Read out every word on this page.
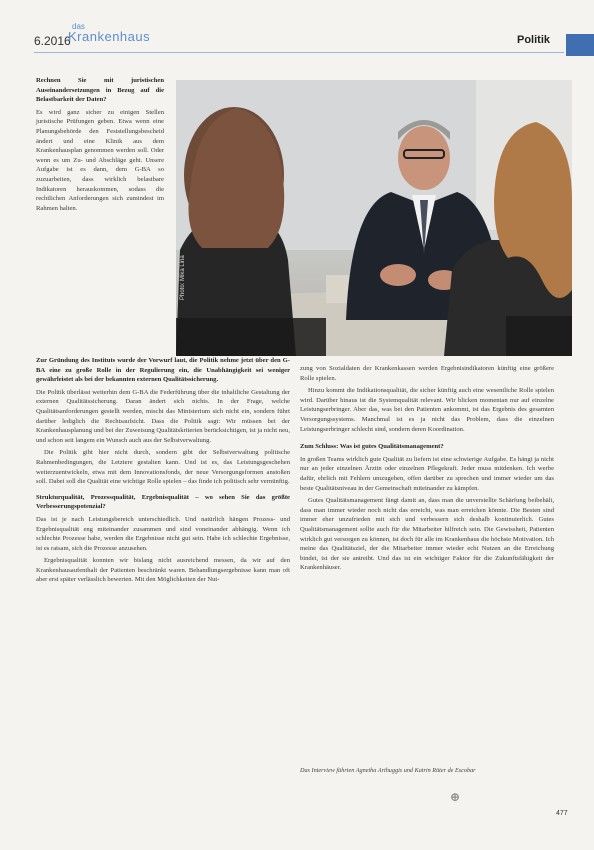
6.2016
das
Krankenhaus	Politik

Rechnen Sie mit juristischen Auseinandersetzungen in Bezug auf die Belastbarkeit der Daten?

Es wird ganz sicher zu einigen Stellen juristische Prüfungen geben. Etwa wenn eine Planungsbehörde den Feststellungsbescheid ändert und eine Klinik aus dem Krankenhausplan genommen werden soll. Oder wenn es um Zu- und Abschläge geht. Unsere Aufgabe ist es dann, dem G-BA so zuzuarbeiten, dass wirklich belastbare Indikatoren herauskommen, sodass die rechtlichen Anforderungen sich zumindest im Rahmen halten.

Photo: Mika Lina

Zur Gründung des Instituts wurde der Vorwurf laut, die Politik nehme jetzt über den G-BA eine zu große Rolle in der Regulierung ein, die Unabhängigkeit sei weniger gewährleistet als bei der bekannten externen Qualitätssicherung.

Die Politik überlässt weiterhin dem G-BA die Federführung über die inhaltliche Gestaltung der externen Qualitätssicherung. Daran ändert sich nichts. In der Frage, welche Qualitätsanforderungen gestellt werden, mischt das Ministerium sich nicht ein, sondern führt darüber lediglich die Rechtsaufsicht. Dass die Politik sagt: Wir müssen bei der Krankenhausplanung und bei der Zuweisung Qualitätskriterien berücksichtigen, ist ja nicht neu, und schon seit langem ein Wunsch auch aus der Selbstverwaltung.

Die Politik gibt hier nicht durch, sondern gibt der Selbstverwaltung politische Rahmenbedingungen, die Letztere gestalten kann. Und ist es, das Leistungsgeschehen weiterzuentwickeln, etwa mit dem Innovationsfonds, der neue Versorgungsformen anstoßen soll. Dabei soll die Qualität eine wichtige Rolle spielen – das finde ich politisch sehr vernünftig.

Strukturqualität, Prozessqualität, Ergebnisqualität – wo sehen Sie das größte Verbesserungspotenzial?

Das ist je nach Leistungsbereich unterschiedlich. Und natürlich hängen Prozess- und Ergebnisqualität eng miteinander zusammen und sind voneinander abhängig. Wenn ich schlechte Prozesse habe, werden die Ergebnisse nicht gut sein. Habe ich schlechte Ergebnisse, ist es ratsam, sich die Prozesse anzusehen.

Ergebnisqualität konnten wir bislang nicht ausreichend messen, da wir auf den Krankenhausaufenthalt der Patienten beschränkt waren. Behandlungsergebnisse kann man oft aber erst später verlässlich bewerten. Mit den Möglichkeiten der Nut-

zung von Sozialdaten der Krankenkassen werden Ergebnisindikatoren künftig eine größere Rolle spielen.

Hinzu kommt die Indikationsqualität, die sicher künftig auch eine wesentliche Rolle spielen wird. Darüber hinaus ist die Systemqualität relevant. Wir blicken momentan nur auf einzelne Leistungserbringer. Aber das, was bei den Patienten ankommt, ist das Ergebnis des gesamten Versorgungssystems. Manchmal ist es ja nicht das Problem, dass die einzelnen Leistungserbringer schlecht sind, sondern deren Koordination.

Zum Schluss: Was ist gutes Qualitätsmanagement?

In großen Teams wirklich gute Qualität zu liefern ist eine schwierige Aufgabe. Es hängt ja nicht nur an jeder einzelnen Ärztin oder einzelnen Pflegekraft. Jeder muss mitdenken. Ich werbe dafür, ehrlich mit Fehlern umzugehen, offen darüber zu sprechen und immer wieder um das beste Qualitätsniveau in der Gemeinschaft miteinander zu kämpfen.

Gutes Qualitätsmanagement fängt damit an, dass man die unverstellte Schärfung beibehält, dass man immer wieder noch nicht das erreicht, was man erreichen könnte. Die Besten sind immer eher unzufrieden mit sich und verbessern sich deshalb kontinuierlich. Gutes Qualitätsmanagement sollte auch für die Mitarbeiter hilfreich sein. Die Gewissheit, Patienten wirklich gut versorgen zu können, ist doch für alle im Krankenhaus die höchste Motivation. Ich meine das Qualitätsziel, der die Mitarbeiter immer wieder echt Nutzen an die Erreichung bindet, ist der sie antreibt. Und das ist ein wichtiger Faktor für die Zukunftsfähigkeit der Krankenhäuser.

Das Interview führten Agnetha Arthuggis und Katrin Rüter de Escobar
⊕
477
